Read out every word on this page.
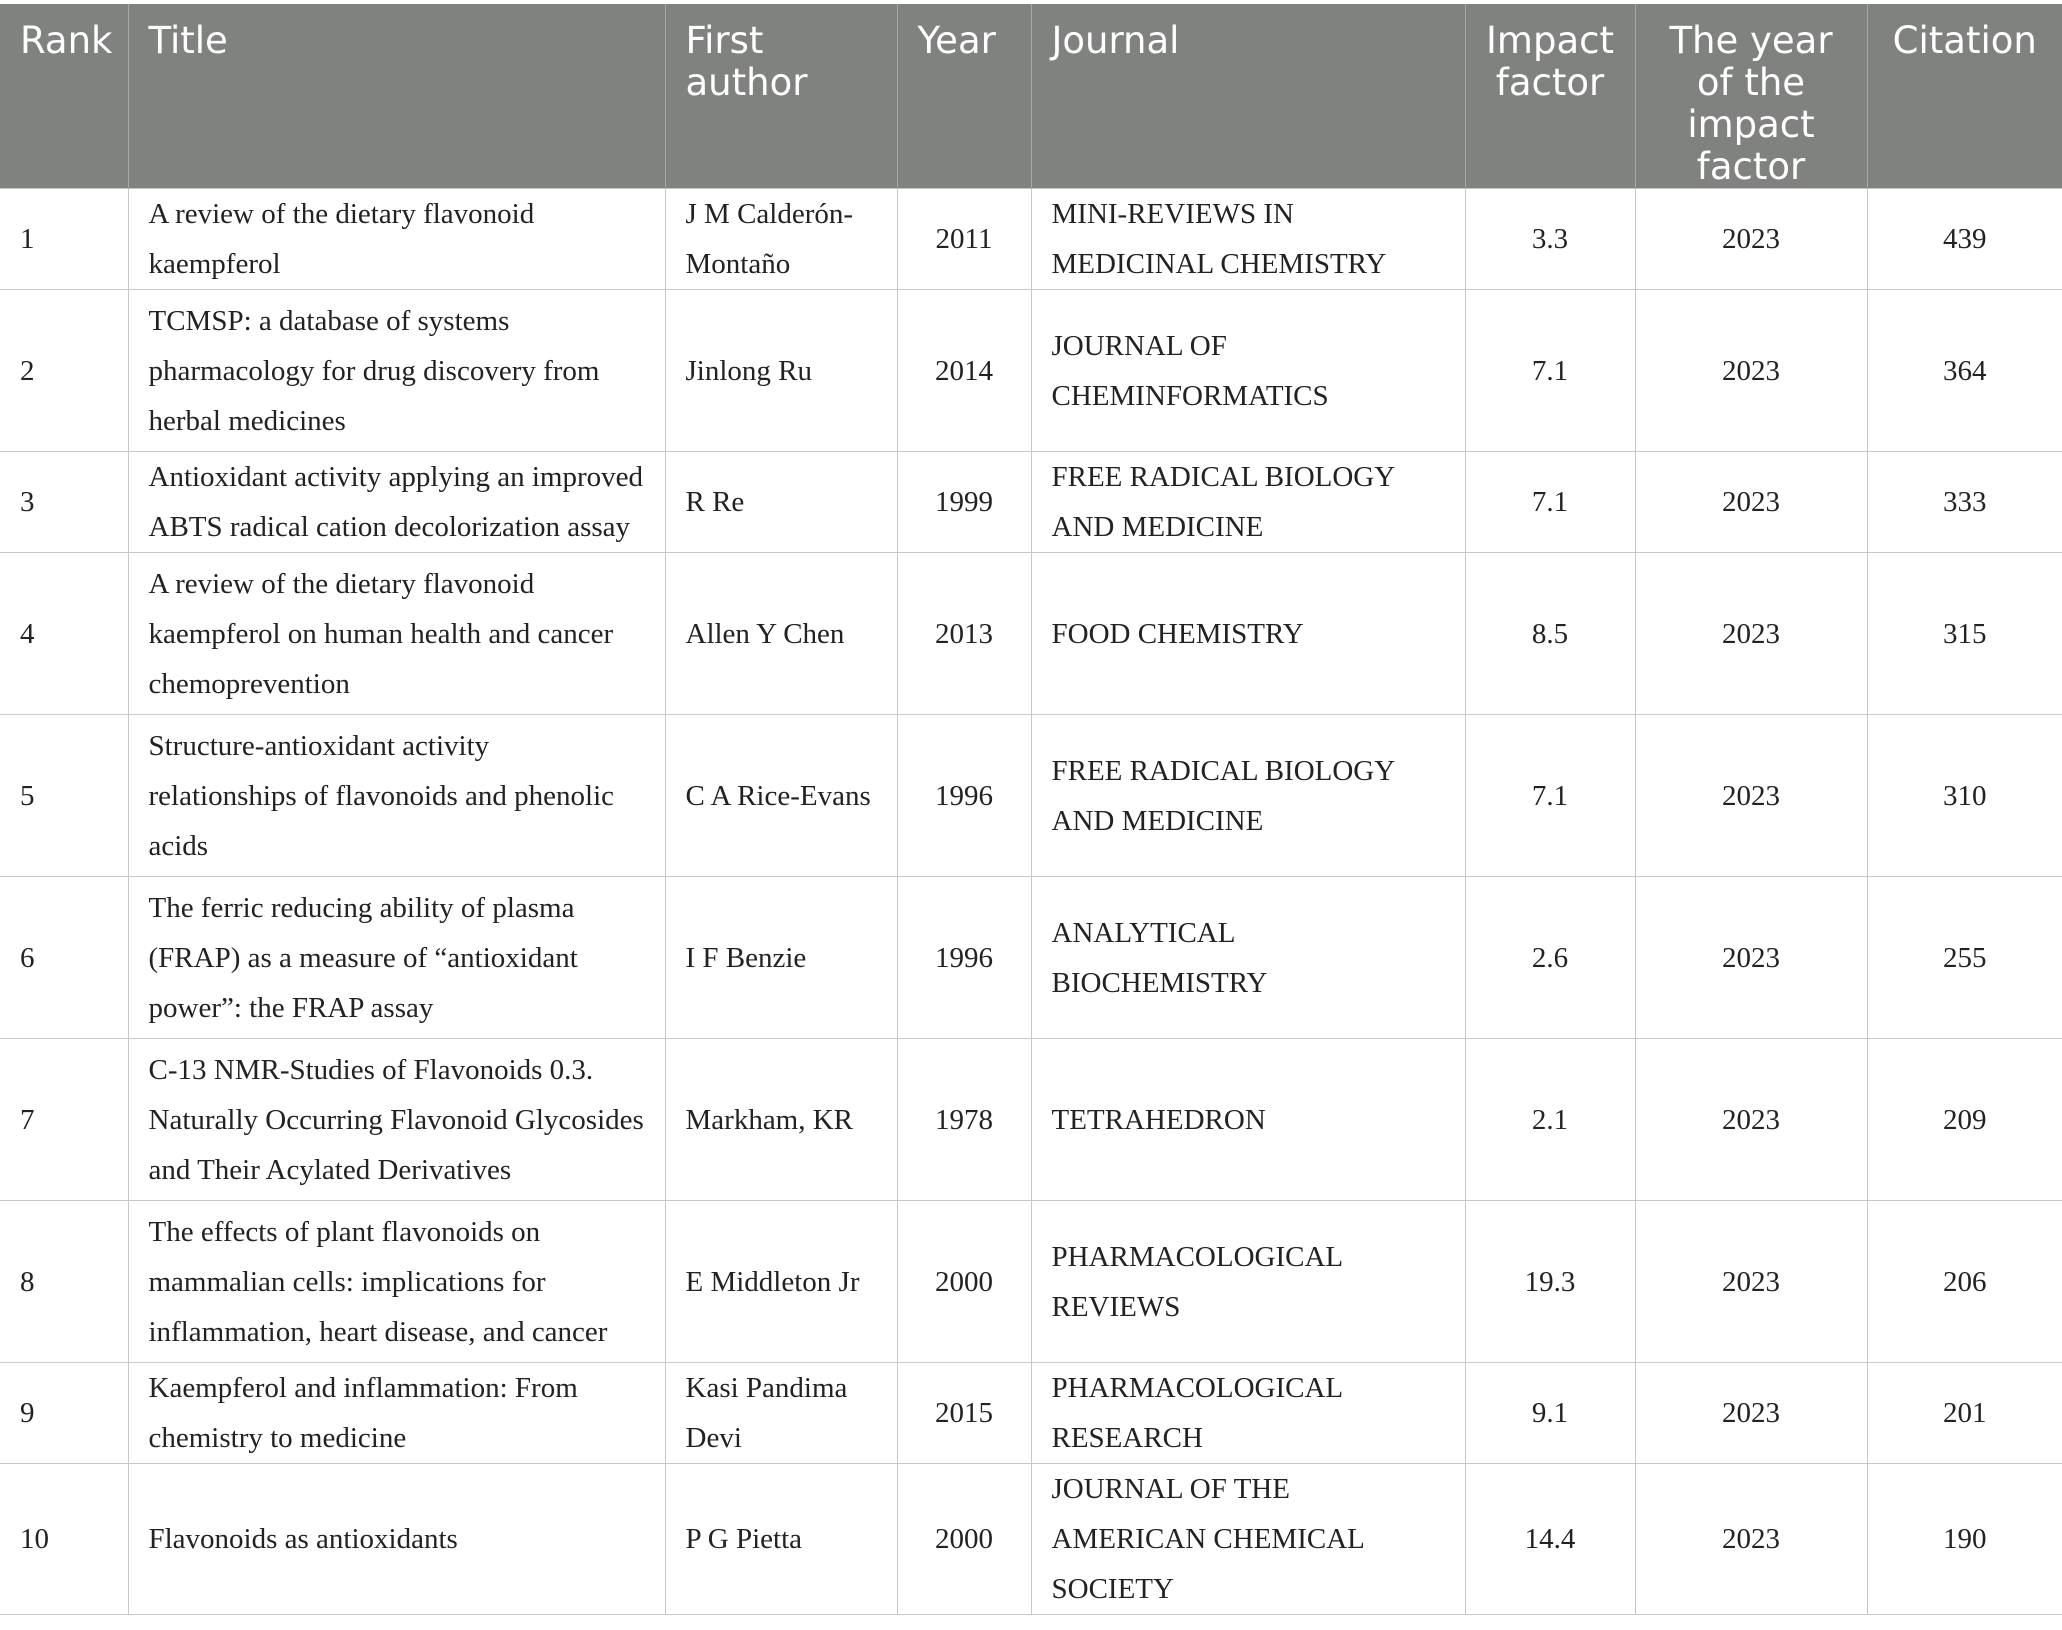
Rank	Title	First author	Year	Journal	Impact factor	The year of the impact factor	Citation
1	A review of the dietary flavonoid kaempferol	J M Calderón-Montaño	2011	MINI-REVIEWS IN MEDICINAL CHEMISTRY	3.3	2023	439
2	TCMSP: a database of systems pharmacology for drug discovery from herbal medicines	Jinlong Ru	2014	JOURNAL OF CHEMINFORMATICS	7.1	2023	364
3	Antioxidant activity applying an improved ABTS radical cation decolorization assay	R Re	1999	FREE RADICAL BIOLOGY AND MEDICINE	7.1	2023	333
4	A review of the dietary flavonoid kaempferol on human health and cancer chemoprevention	Allen Y Chen	2013	FOOD CHEMISTRY	8.5	2023	315
5	Structure-antioxidant activity relationships of flavonoids and phenolic acids	C A Rice-Evans	1996	FREE RADICAL BIOLOGY AND MEDICINE	7.1	2023	310
6	The ferric reducing ability of plasma (FRAP) as a measure of “antioxidant power”: the FRAP assay	I F Benzie	1996	ANALYTICAL BIOCHEMISTRY	2.6	2023	255
7	C-13 NMR-Studies of Flavonoids 0.3. Naturally Occurring Flavonoid Glycosides and Their Acylated Derivatives	Markham, KR	1978	TETRAHEDRON	2.1	2023	209
8	The effects of plant flavonoids on mammalian cells: implications for inflammation, heart disease, and cancer	E Middleton Jr	2000	PHARMACOLOGICAL REVIEWS	19.3	2023	206
9	Kaempferol and inflammation: From chemistry to medicine	Kasi Pandima Devi	2015	PHARMACOLOGICAL RESEARCH	9.1	2023	201
10	Flavonoids as antioxidants	P G Pietta	2000	JOURNAL OF THE AMERICAN CHEMICAL SOCIETY	14.4	2023	190
